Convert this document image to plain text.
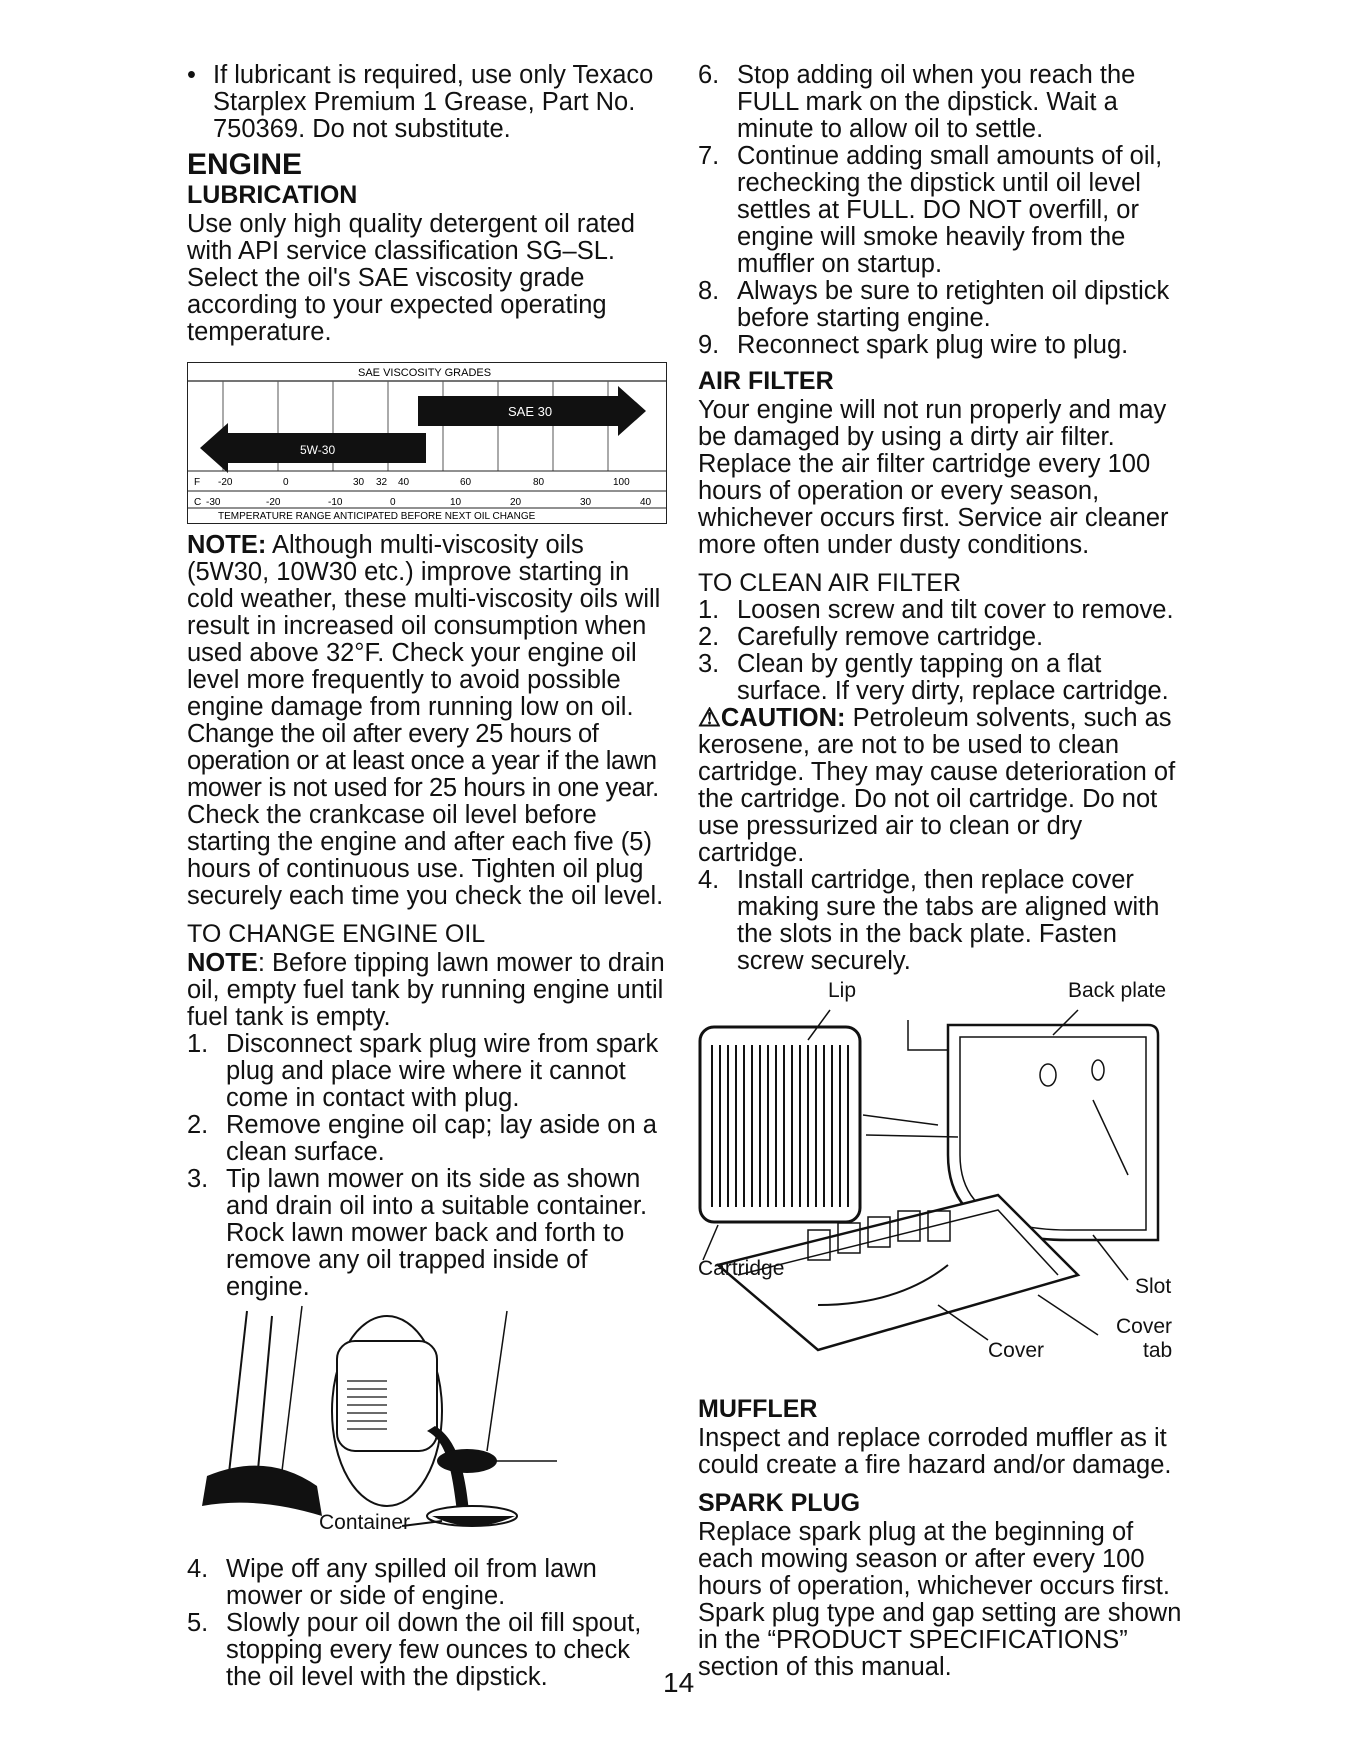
• If lubricant is required, use only Texaco Starplex Premium 1 Grease, Part No. 750369. Do not substitute.

ENGINE
LUBRICATION

Use only high quality detergent oil rated with API service classification SG–SL. Select the oil's SAE viscosity grade according to your expected operating temperature.

SAE VISCOSITY GRADES
5W-30
SAE 30
F -20	0	30 32 40	60	80	100
C -30	-20	-10	0	10	20	30	40
TEMPERATURE RANGE ANTICIPATED BEFORE NEXT OIL CHANGE

NOTE: Although multi-viscosity oils (5W30, 10W30 etc.) improve starting in cold weather, these multi-viscosity oils will result in increased oil consumption when used above 32°F. Check your engine oil level more frequently to avoid possible engine damage from running low on oil.

Change the oil after every 25 hours of operation or at least once a year if the lawn mower is not used for 25 hours in one year.

Check the crankcase oil level before starting the engine and after each five (5) hours of continuous use. Tighten oil plug securely each time you check the oil level.

TO CHANGE ENGINE OIL

NOTE: Before tipping lawn mower to drain oil, empty fuel tank by running engine until fuel tank is empty.

1. Disconnect spark plug wire from spark plug and place wire where it cannot come in contact with plug.

2. Remove engine oil cap; lay aside on a clean surface.

3. Tip lawn mower on its side as shown and drain oil into a suitable container. Rock lawn mower back and forth to remove any oil trapped inside of engine.

Container

4. Wipe off any spilled oil from lawn mower or side of engine.

5. Slowly pour oil down the oil fill spout, stopping every few ounces to check the oil level with the dipstick.

6. Stop adding oil when you reach the FULL mark on the dipstick. Wait a minute to allow oil to settle.

7. Continue adding small amounts of oil, rechecking the dipstick until oil level settles at FULL. DO NOT overfill, or engine will smoke heavily from the muffler on startup.

8. Always be sure to retighten oil dipstick before starting engine.

9. Reconnect spark plug wire to plug.

AIR FILTER

Your engine will not run properly and may be damaged by using a dirty air filter. Replace the air filter cartridge every 100 hours of operation or every season, whichever occurs first. Service air cleaner more often under dusty conditions.

TO CLEAN AIR FILTER

1. Loosen screw and tilt cover to remove.

2. Carefully remove cartridge.

3. Clean by gently tapping on a flat surface. If very dirty, replace cartridge.

⚠CAUTION: Petroleum solvents, such as kerosene, are not to be used to clean cartridge. They may cause deterioration of the cartridge. Do not oil cartridge. Do not use pressurized air to clean or dry cartridge.

4. Install cartridge, then replace cover making sure the tabs are aligned with the slots in the back plate. Fasten screw securely.

Lip	Back plate
Cartridge
Slot
Cover
Cover
tab
MUFFLER

Inspect and replace corroded muffler as it could create a fire hazard and/or damage.

SPARK PLUG

Replace spark plug at the beginning of each mowing season or after every 100 hours of operation, whichever occurs first. Spark plug type and gap setting are shown in the “PRODUCT SPECIFICATIONS” section of this manual.

14
